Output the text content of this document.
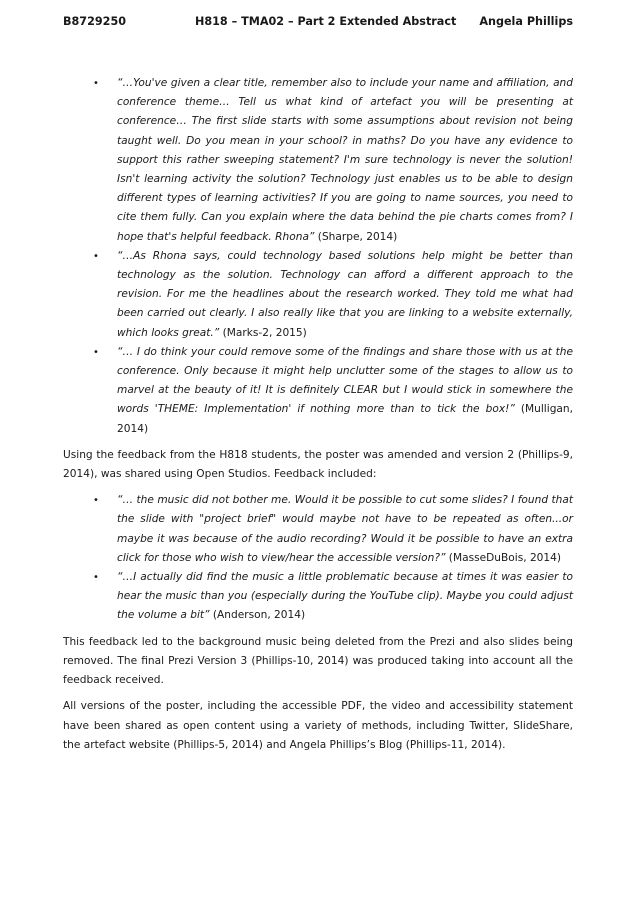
B8729250	H818 – TMA02 – Part 2 Extended Abstract Angela Phillips
• “…You've given a clear title, remember also to include your name and affiliation, and conference theme… Tell us what kind of artefact you will be presenting at conference… The first slide starts with some assumptions about revision not being taught well. Do you mean in your school? in maths? Do you have any evidence to support this rather sweeping statement? I'm sure technology is never the solution! Isn't learning activity the solution? Technology just enables us to be able to design different types of learning activities? If you are going to name sources, you need to cite them fully. Can you explain where the data behind the pie charts comes from? I hope that's helpful feedback. Rhona” (Sharpe, 2014)
• “…As Rhona says, could technology based solutions help might be better than technology as the solution. Technology can afford a different approach to the revision. For me the headlines about the research worked. They told me what had been carried out clearly. I also really like that you are linking to a website externally, which looks great.” (Marks-2, 2015)
• “… I do think your could remove some of the findings and share those with us at the conference. Only because it might help unclutter some of the stages to allow us to marvel at the beauty of it! It is definitely CLEAR but I would stick in somewhere the words 'THEME: Implementation' if nothing more than to tick the box!” (Mulligan, 2014)

Using the feedback from the H818 students, the poster was amended and version 2 (Phillips-9, 2014), was shared using Open Studios. Feedback included:

• “… the music did not bother me. Would it be possible to cut some slides? I found that the slide with "project brief" would maybe not have to be repeated as often...or maybe it was because of the audio recording? Would it be possible to have an extra click for those who wish to view/hear the accessible version?” (MasseDuBois, 2014)
• “…I actually did find the music a little problematic because at times it was easier to hear the music than you (especially during the YouTube clip). Maybe you could adjust the volume a bit” (Anderson, 2014)

This feedback led to the background music being deleted from the Prezi and also slides being removed. The final Prezi Version 3 (Phillips-10, 2014) was produced taking into account all the feedback received.

All versions of the poster, including the accessible PDF, the video and accessibility statement have been shared as open content using a variety of methods, including Twitter, SlideShare, the artefact website (Phillips-5, 2014) and Angela Phillips’s Blog (Phillips-11, 2014).
